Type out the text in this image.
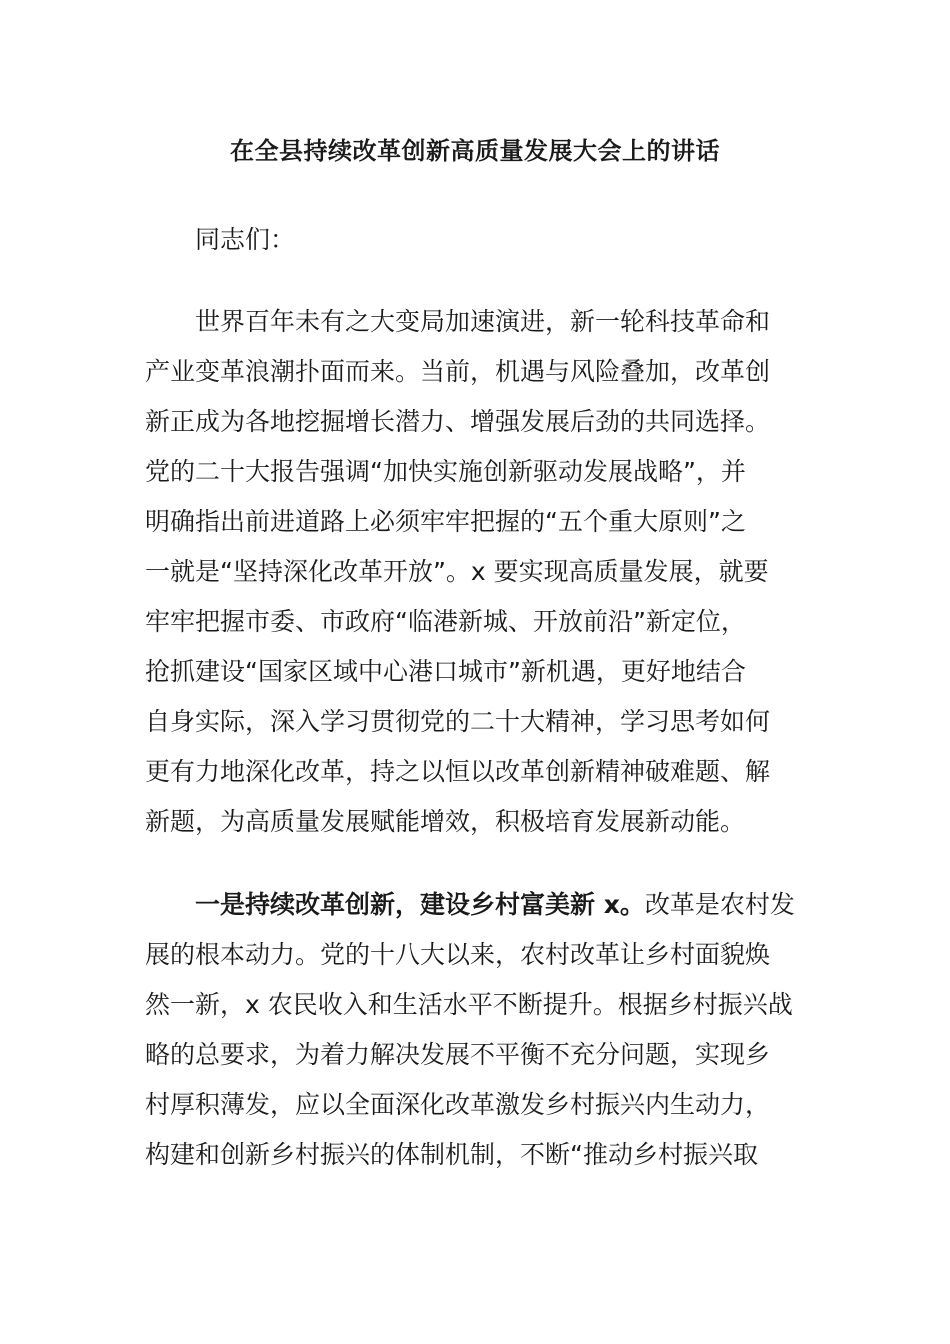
在全县持续改革创新高质量发展大会上的讲话
同志们：
世界百年未有之大变局加速演进，新一轮科技革命和
产业变革浪潮扑面而来。当前，机遇与风险叠加，改革创
新正成为各地挖掘增长潜力、增强发展后劲的共同选择。
党的二十大报告强调“加快实施创新驱动发展战略”，并
明确指出前进道路上必须牢牢把握的“五个重大原则”之
一就是“坚持深化改革开放”。x 要实现高质量发展，就要
牢牢把握市委、市政府“临港新城、开放前沿”新定位，
抢抓建设“国家区域中心港口城市”新机遇，更好地结合
自身实际，深入学习贯彻党的二十大精神，学习思考如何
更有力地深化改革，持之以恒以改革创新精神破难题、解
新题，为高质量发展赋能增效，积极培育发展新动能。
一是持续改革创新，建设乡村富美新 x。改革是农村发
展的根本动力。党的十八大以来，农村改革让乡村面貌焕
然一新，x 农民收入和生活水平不断提升。根据乡村振兴战
略的总要求，为着力解决发展不平衡不充分问题，实现乡
村厚积薄发，应以全面深化改革激发乡村振兴内生动力，
构建和创新乡村振兴的体制机制，不断“推动乡村振兴取
